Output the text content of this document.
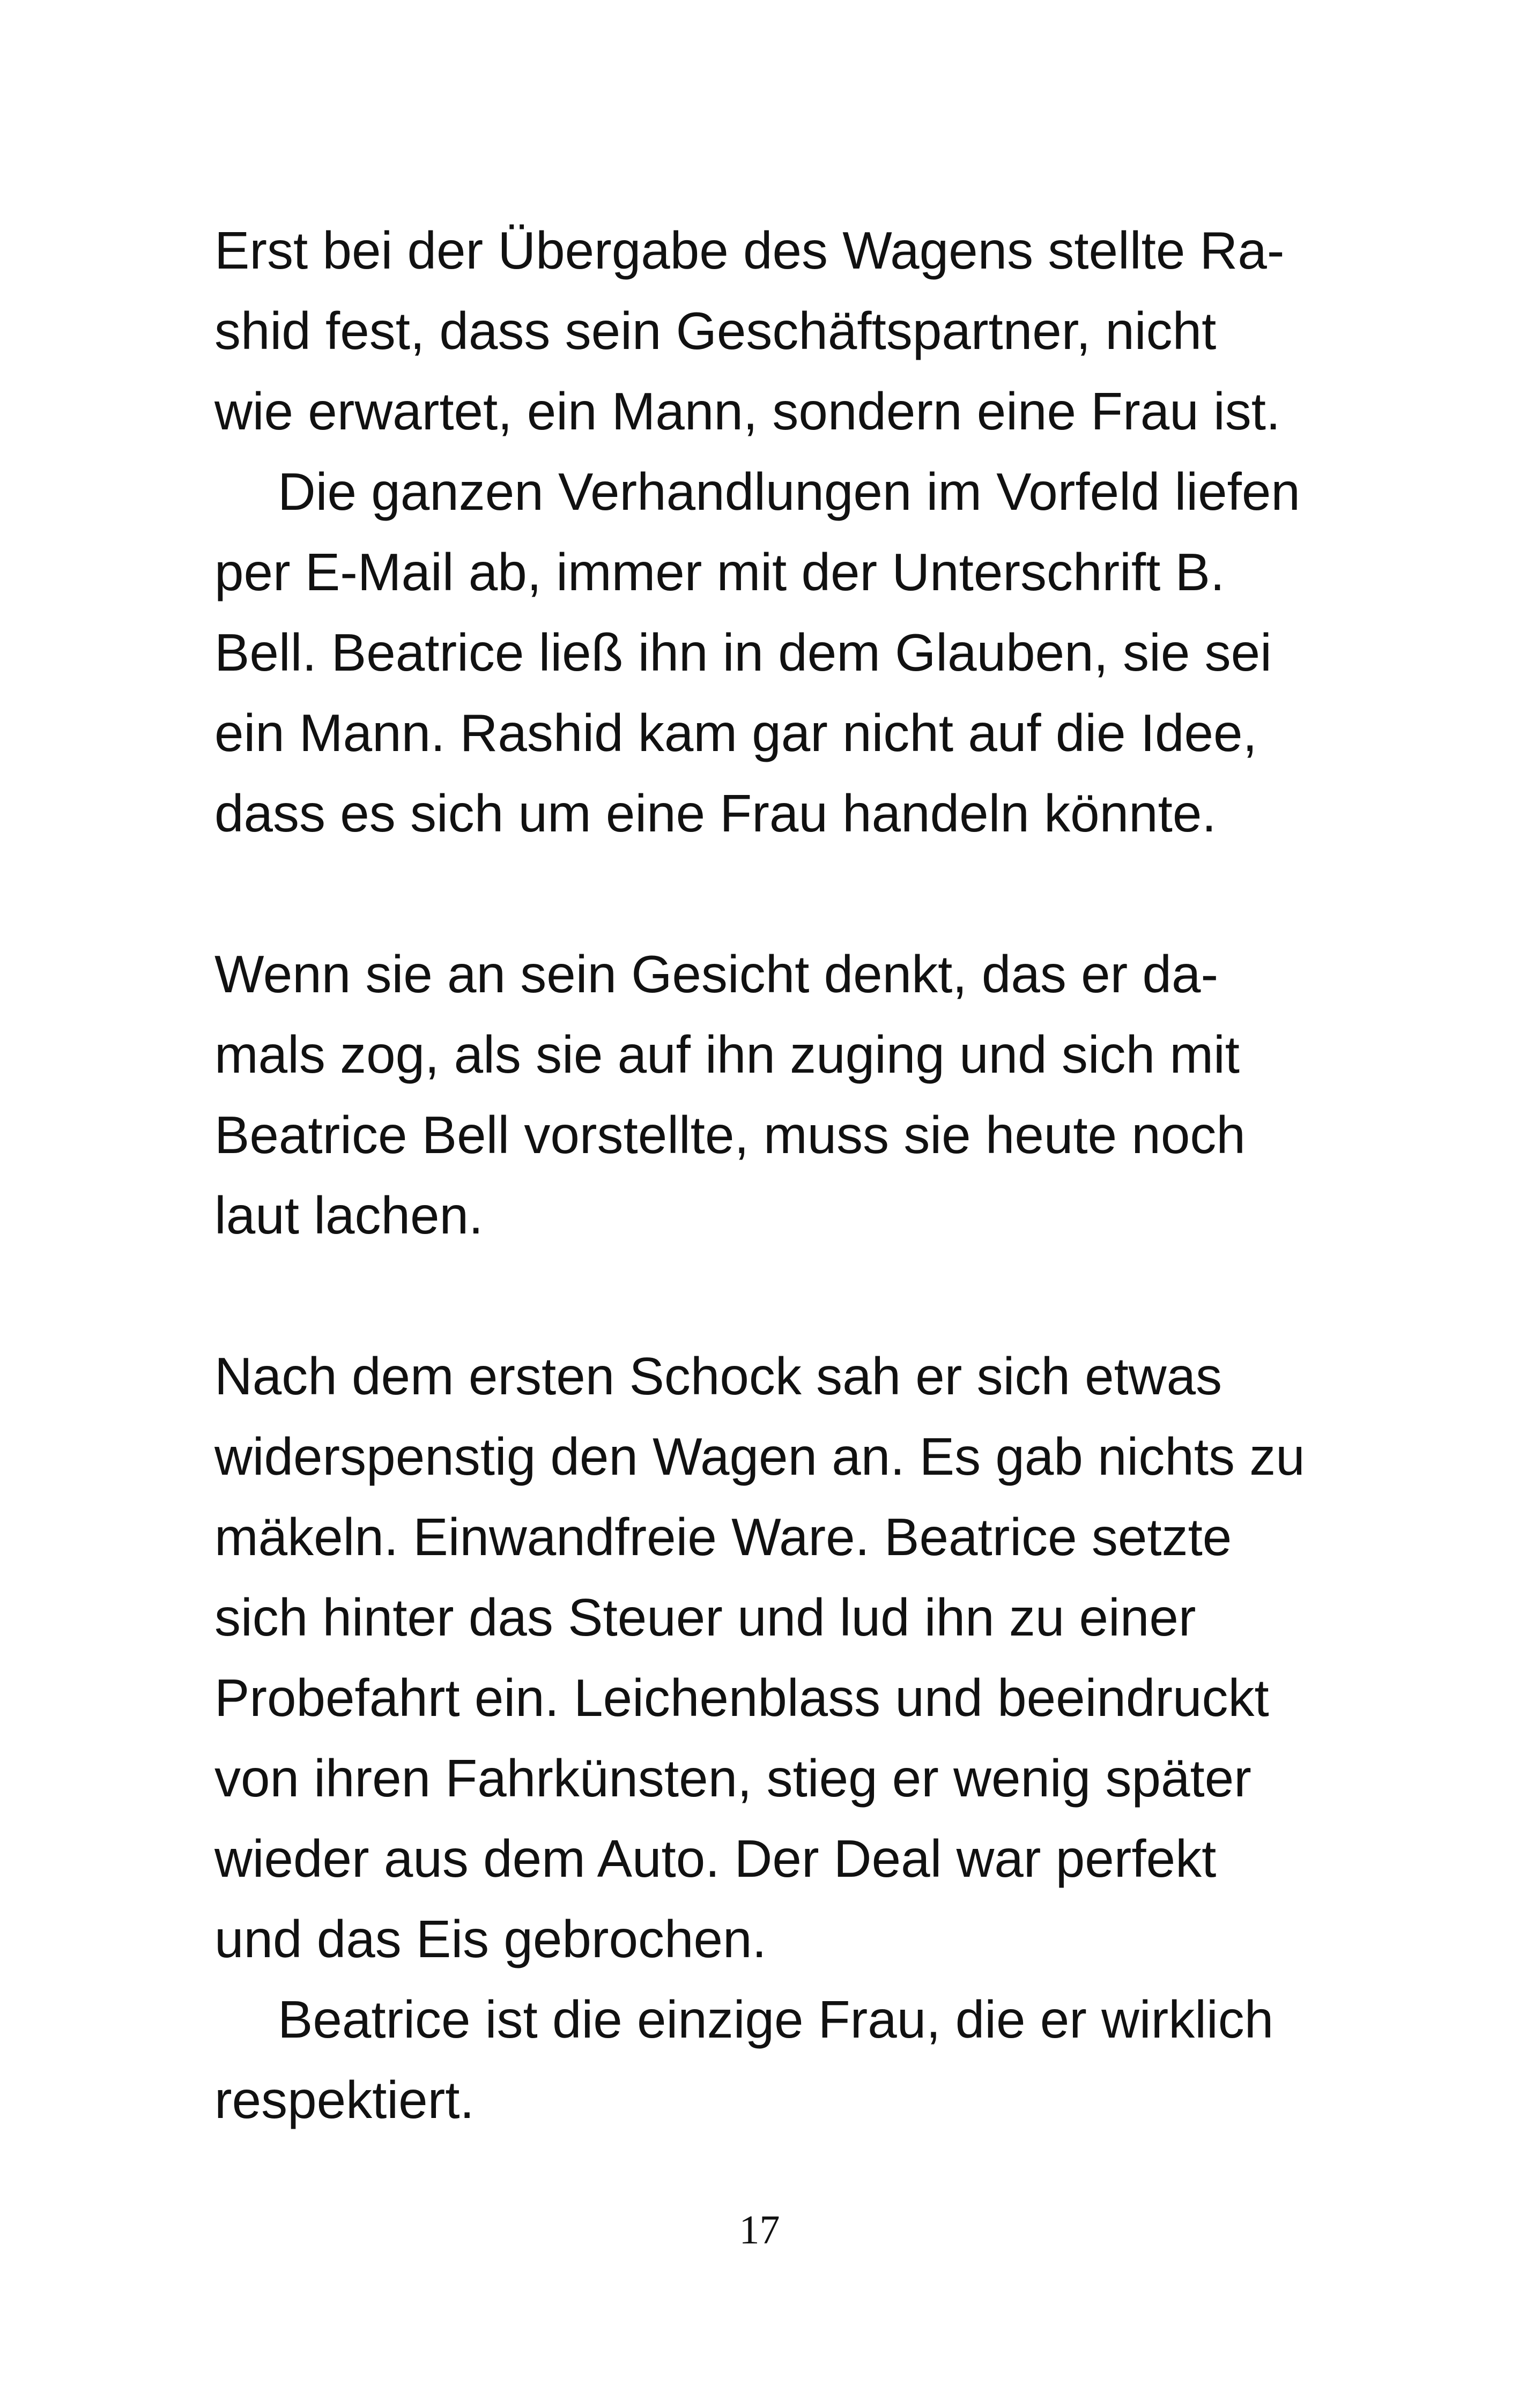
Erst bei der Übergabe des Wagens stellte Ra-
shid fest, dass sein Geschäftspartner, nicht
wie erwartet, ein Mann, sondern eine Frau ist.
Die ganzen Verhandlungen im Vorfeld liefen
per E-Mail ab, immer mit der Unterschrift B.
Bell. Beatrice ließ ihn in dem Glauben, sie sei
ein Mann. Rashid kam gar nicht auf die Idee,
dass es sich um eine Frau handeln könnte.
Wenn sie an sein Gesicht denkt, das er da-
mals zog, als sie auf ihn zuging und sich mit
Beatrice Bell vorstellte, muss sie heute noch
laut lachen.
Nach dem ersten Schock sah er sich etwas
widerspenstig den Wagen an. Es gab nichts zu
mäkeln. Einwandfreie Ware. Beatrice setzte
sich hinter das Steuer und lud ihn zu einer
Probefahrt ein. Leichenblass und beeindruckt
von ihren Fahrkünsten, stieg er wenig später
wieder aus dem Auto. Der Deal war perfekt
und das Eis gebrochen.
Beatrice ist die einzige Frau, die er wirklich
respektiert.
17
